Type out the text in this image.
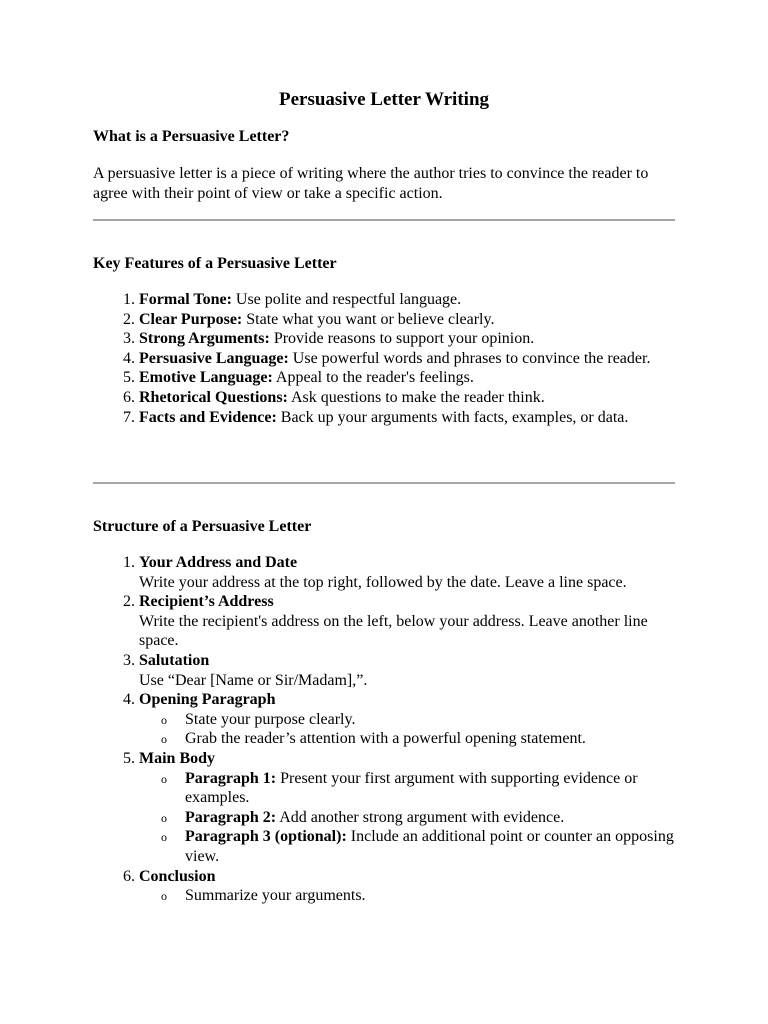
Persuasive Letter Writing

What is a Persuasive Letter?

A persuasive letter is a piece of writing where the author tries to convince the reader to agree with their point of view or take a specific action.

Key Features of a Persuasive Letter

1. Formal Tone: Use polite and respectful language.
2. Clear Purpose: State what you want or believe clearly.
3. Strong Arguments: Provide reasons to support your opinion.
4. Persuasive Language: Use powerful words and phrases to convince the reader.
5. Emotive Language: Appeal to the reader's feelings.
6. Rhetorical Questions: Ask questions to make the reader think.
7. Facts and Evidence: Back up your arguments with facts, examples, or data.

Structure of a Persuasive Letter

1. Your Address and Date
Write your address at the top right, followed by the date. Leave a line space.
2. Recipient’s Address
Write the recipient's address on the left, below your address. Leave another line space.
3. Salutation
Use “Dear [Name or Sir/Madam],”.
4. Opening Paragraph
o State your purpose clearly.
o Grab the reader’s attention with a powerful opening statement.
5. Main Body
o Paragraph 1: Present your first argument with supporting evidence or examples.
o Paragraph 2: Add another strong argument with evidence.
o Paragraph 3 (optional): Include an additional point or counter an opposing view.
6. Conclusion
o Summarize your arguments.
